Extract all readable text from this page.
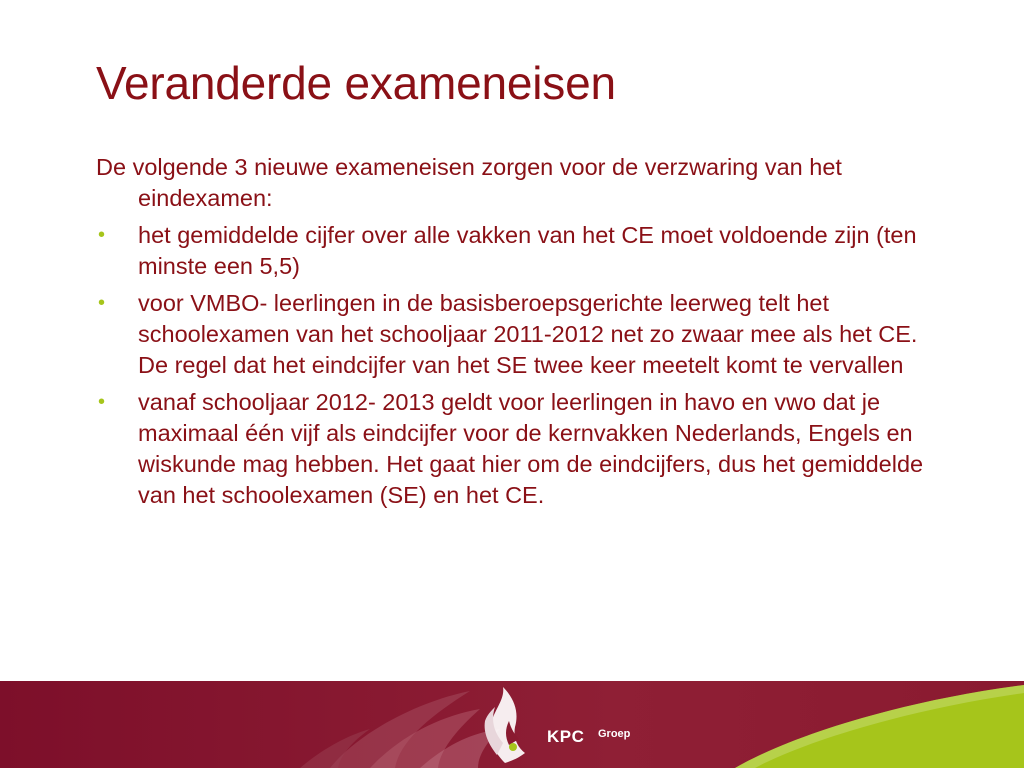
Veranderde exameneisen

De volgende 3 nieuwe exameneisen zorgen voor de verzwaring van het eindexamen:

• het gemiddelde cijfer over alle vakken van het CE moet voldoende zijn (ten minste een 5,5)
• voor VMBO- leerlingen in de basisberoepsgerichte leerweg telt het schoolexamen van het schooljaar 2011-2012 net zo zwaar mee als het CE. De regel dat het eindcijfer van het SE twee keer meetelt komt te vervallen
• vanaf schooljaar 2012- 2013 geldt voor leerlingen in havo en vwo dat je maximaal één vijf als eindcijfer voor de kernvakken Nederlands, Engels en wiskunde mag hebben. Het gaat hier om de eindcijfers, dus het gemiddelde van het schoolexamen (SE) en het CE.
KPC Groep
